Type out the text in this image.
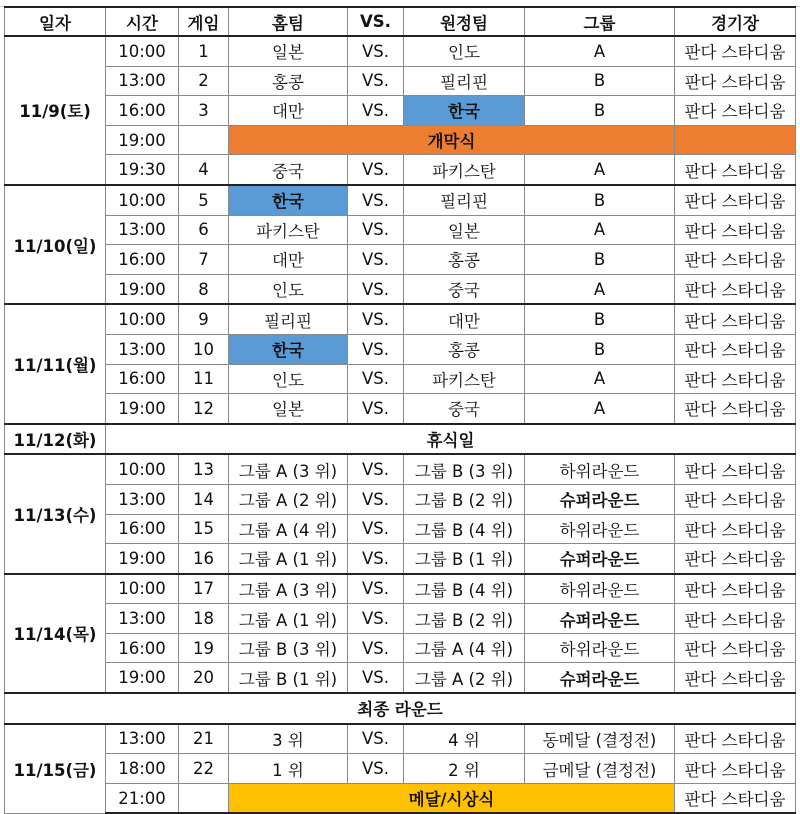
일자	시간	게임	홈팀	VS.	원정팀	그룹	경기장	
11/9(토)	10:00	1	일본	VS.	인도	A	판다 스타디움	
	13:00	2	홍콩	VS.	필리핀	B	판다 스타디움	
	16:00	3	대만	VS.	한국	B	판다 스타디움	
	19:00		개막식					
	19:30	4	중국	VS.	파키스탄	A	판다 스타디움	
11/10(일)	10:00	5	한국	VS.	필리핀	B	판다 스타디움	
	13:00	6	파키스탄	VS.	일본	A	판다 스타디움	
	16:00	7	대만	VS.	홍콩	B	판다 스타디움	
	19:00	8	인도	VS.	중국	A	판다 스타디움	
11/11(월)	10:00	9	필리핀	VS.	대만	B	판다 스타디움	
	13:00	10	한국	VS.	홍콩	B	판다 스타디움	
	16:00	11	인도	VS.	파키스탄	A	판다 스타디움	
	19:00	12	일본	VS.	중국	A	판다 스타디움	
11/12(화)	휴식일							
11/13(수)	10:00	13	그룹 A (3 위)	VS.	그룹 B (3 위)	하위라운드	판다 스타디움	
	13:00	14	그룹 A (2 위)	VS.	그룹 B (2 위)	슈퍼라운드	판다 스타디움	
	16:00	15	그룹 A (4 위)	VS.	그룹 B (4 위)	하위라운드	판다 스타디움	
	19:00	16	그룹 A (1 위)	VS.	그룹 B (1 위)	슈퍼라운드	판다 스타디움	
11/14(목)	10:00	17	그룹 A (3 위)	VS.	그룹 B (4 위)	하위라운드	판다 스타디움	
	13:00	18	그룹 A (1 위)	VS.	그룹 B (2 위)	슈퍼라운드	판다 스타디움	
	16:00	19	그룹 B (3 위)	VS.	그룹 A (4 위)	하위라운드	판다 스타디움	
	19:00	20	그룹 B (1 위)	VS.	그룹 A (2 위)	슈퍼라운드	판다 스타디움	
최종 라운드								
11/15(금)	13:00	21	3 위	VS.	4 위	동메달 (결정전)	판다 스타디움	
	18:00	22	1 위	VS.	2 위	금메달 (결정전)	판다 스타디움	
	21:00		메달/시상식				판다 스타디움	
